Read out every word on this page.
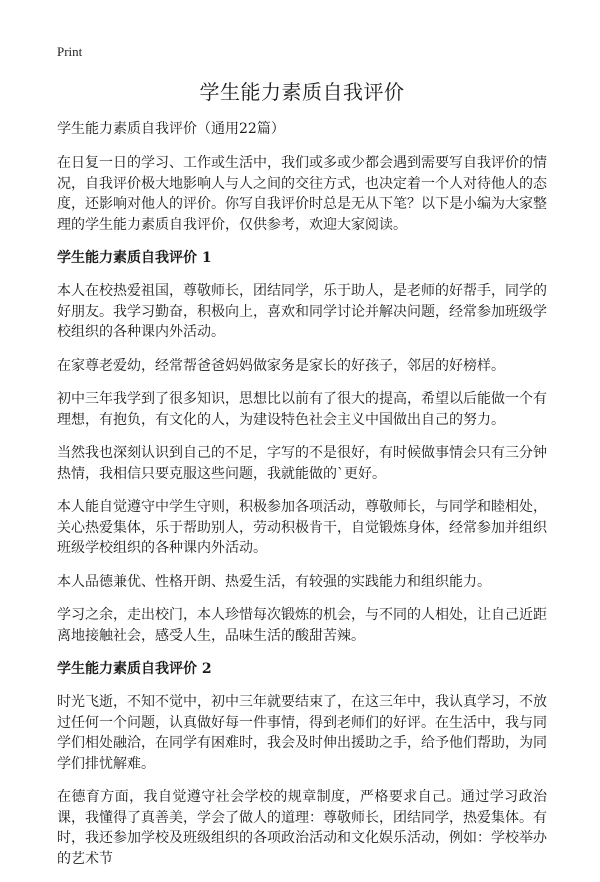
Print
学生能力素质自我评价
学生能力素质自我评价（通用22篇）

在日复一日的学习、工作或生活中，我们或多或少都会遇到需要写自我评价的情况，自我评价极大地影响人与人之间的交往方式，也决定着一个人对待他人的态度，还影响对他人的评价。你写自我评价时总是无从下笔？以下是小编为大家整理的学生能力素质自我评价，仅供参考，欢迎大家阅读。

学生能力素质自我评价 1

本人在校热爱祖国，尊敬师长，团结同学，乐于助人，是老师的好帮手，同学的好朋友。我学习勤奋，积极向上，喜欢和同学讨论并解决问题，经常参加班级学校组织的各种课内外活动。

在家尊老爱幼，经常帮爸爸妈妈做家务是家长的好孩子，邻居的好榜样。

初中三年我学到了很多知识，思想比以前有了很大的提高，希望以后能做一个有理想，有抱负，有文化的人，为建设特色社会主义中国做出自己的努力。

当然我也深刻认识到自己的不足，字写的不是很好，有时候做事情会只有三分钟热情，我相信只要克服这些问题，我就能做的`更好。

本人能自觉遵守中学生守则，积极参加各项活动，尊敬师长，与同学和睦相处，关心热爱集体，乐于帮助别人，劳动积极肯干，自觉锻炼身体，经常参加并组织班级学校组织的各种课内外活动。

本人品德兼优、性格开朗、热爱生活，有较强的实践能力和组织能力。

学习之余，走出校门，本人珍惜每次锻炼的机会，与不同的人相处，让自己近距离地接触社会，感受人生，品味生活的酸甜苦辣。

学生能力素质自我评价 2

时光飞逝，不知不觉中，初中三年就要结束了，在这三年中，我认真学习，不放过任何一个问题，认真做好每一件事情，得到老师们的好评。在生活中，我与同学们相处融洽，在同学有困难时，我会及时伸出援助之手，给予他们帮助，为同学们排忧解难。

在德育方面，我自觉遵守社会学校的规章制度，严格要求自己。通过学习政治课，我懂得了真善美，学会了做人的道理：尊敬师长，团结同学，热爱集体。有时，我还参加学校及班级组织的各项政治活动和文化娱乐活动，例如：学校举办的艺术节
